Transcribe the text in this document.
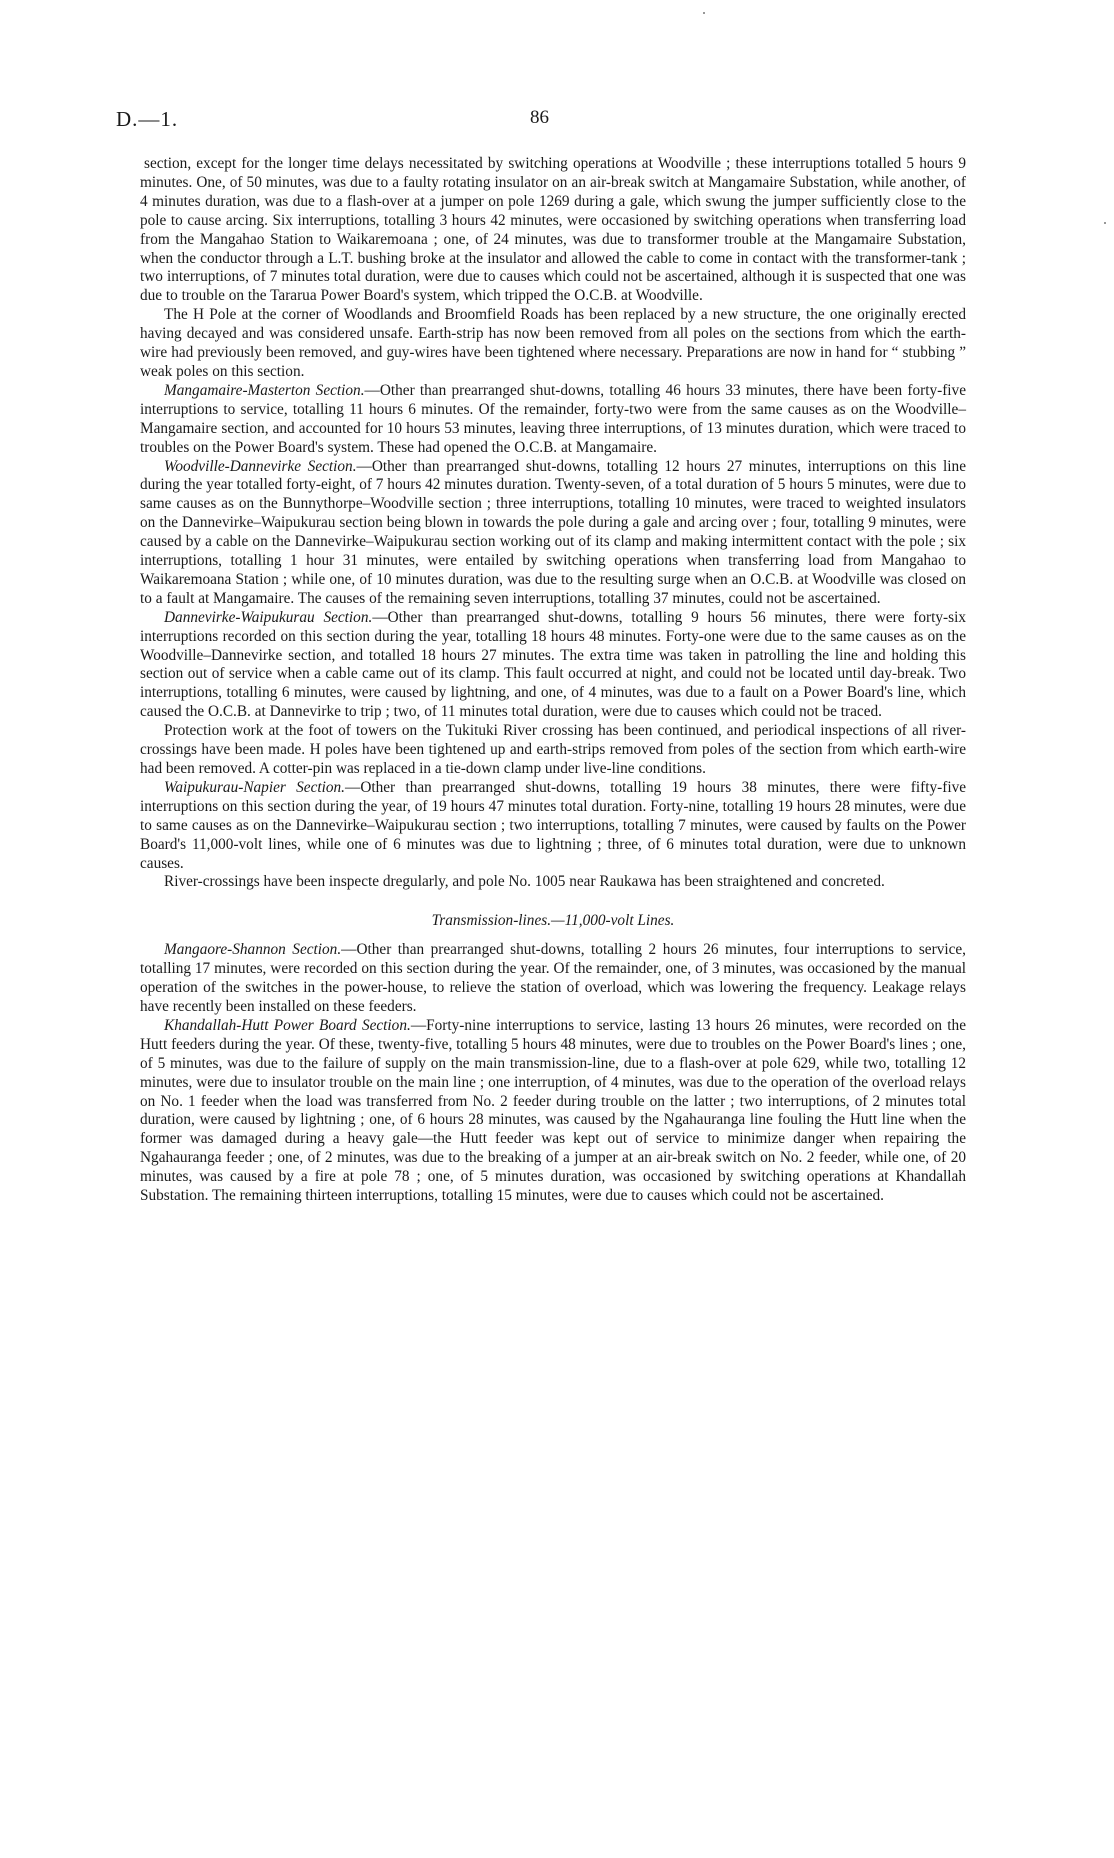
D.—1.	86

section, except for the longer time delays necessitated by switching operations at Woodville ; these interruptions totalled 5 hours 9 minutes. One, of 50 minutes, was due to a faulty rotating insulator on an air-break switch at Mangamaire Substation, while another, of 4 minutes duration, was due to a flash-over at a jumper on pole 1269 during a gale, which swung the jumper sufficiently close to the pole to cause arcing. Six interruptions, totalling 3 hours 42 minutes, were occasioned by switching operations when transferring load from the Mangahao Station to Waikaremoana ; one, of 24 minutes, was due to transformer trouble at the Mangamaire Substation, when the conductor through a L.T. bushing broke at the insulator and allowed the cable to come in contact with the transformer-tank ; two interruptions, of 7 minutes total duration, were due to causes which could not be ascertained, although it is suspected that one was due to trouble on the Tararua Power Board's system, which tripped the O.C.B. at Woodville.

The H Pole at the corner of Woodlands and Broomfield Roads has been replaced by a new structure, the one originally erected having decayed and was considered unsafe. Earth-strip has now been removed from all poles on the sections from which the earth-wire had previously been removed, and guy-wires have been tightened where necessary. Preparations are now in hand for “ stubbing ” weak poles on this section.

Mangamaire-Masterton Section.—Other than prearranged shut-downs, totalling 46 hours 33 minutes, there have been forty-five interruptions to service, totalling 11 hours 6 minutes. Of the remainder, forty-two were from the same causes as on the Woodville–Mangamaire section, and accounted for 10 hours 53 minutes, leaving three interruptions, of 13 minutes duration, which were traced to troubles on the Power Board's system. These had opened the O.C.B. at Mangamaire.

Woodville-Dannevirke Section.—Other than prearranged shut-downs, totalling 12 hours 27 minutes, interruptions on this line during the year totalled forty-eight, of 7 hours 42 minutes duration. Twenty-seven, of a total duration of 5 hours 5 minutes, were due to same causes as on the Bunnythorpe–Woodville section ; three interruptions, totalling 10 minutes, were traced to weighted insulators on the Dannevirke–Waipukurau section being blown in towards the pole during a gale and arcing over ; four, totalling 9 minutes, were caused by a cable on the Dannevirke–Waipukurau section working out of its clamp and making intermittent contact with the pole ; six interruptions, totalling 1 hour 31 minutes, were entailed by switching operations when transferring load from Mangahao to Waikaremoana Station ; while one, of 10 minutes duration, was due to the resulting surge when an O.C.B. at Woodville was closed on to a fault at Mangamaire. The causes of the remaining seven interruptions, totalling 37 minutes, could not be ascertained.

Dannevirke-Waipukurau Section.—Other than prearranged shut-downs, totalling 9 hours 56 minutes, there were forty-six interruptions recorded on this section during the year, totalling 18 hours 48 minutes. Forty-one were due to the same causes as on the Woodville–Dannevirke section, and totalled 18 hours 27 minutes. The extra time was taken in patrolling the line and holding this section out of service when a cable came out of its clamp. This fault occurred at night, and could not be located until day-break. Two interruptions, totalling 6 minutes, were caused by lightning, and one, of 4 minutes, was due to a fault on a Power Board's line, which caused the O.C.B. at Dannevirke to trip ; two, of 11 minutes total duration, were due to causes which could not be traced.

Protection work at the foot of towers on the Tukituki River crossing has been continued, and periodical inspections of all river-crossings have been made. H poles have been tightened up and earth-strips removed from poles of the section from which earth-wire had been removed. A cotter-pin was replaced in a tie-down clamp under live-line conditions.

Waipukurau-Napier Section.—Other than prearranged shut-downs, totalling 19 hours 38 minutes, there were fifty-five interruptions on this section during the year, of 19 hours 47 minutes total duration. Forty-nine, totalling 19 hours 28 minutes, were due to same causes as on the Dannevirke–Waipukurau section ; two interruptions, totalling 7 minutes, were caused by faults on the Power Board's 11,000-volt lines, while one of 6 minutes was due to lightning ; three, of 6 minutes total duration, were due to unknown causes.

River-crossings have been inspecte dregularly, and pole No. 1005 near Raukawa has been straightened and concreted.

Transmission-lines.—11,000-volt Lines.

Mangaore-Shannon Section.—Other than prearranged shut-downs, totalling 2 hours 26 minutes, four interruptions to service, totalling 17 minutes, were recorded on this section during the year. Of the remainder, one, of 3 minutes, was occasioned by the manual operation of the switches in the power-house, to relieve the station of overload, which was lowering the frequency. Leakage relays have recently been installed on these feeders.

Khandallah-Hutt Power Board Section.—Forty-nine interruptions to service, lasting 13 hours 26 minutes, were recorded on the Hutt feeders during the year. Of these, twenty-five, totalling 5 hours 48 minutes, were due to troubles on the Power Board's lines ; one, of 5 minutes, was due to the failure of supply on the main transmission-line, due to a flash-over at pole 629, while two, totalling 12 minutes, were due to insulator trouble on the main line ; one interruption, of 4 minutes, was due to the operation of the overload relays on No. 1 feeder when the load was transferred from No. 2 feeder during trouble on the latter ; two interruptions, of 2 minutes total duration, were caused by lightning ; one, of 6 hours 28 minutes, was caused by the Ngahauranga line fouling the Hutt line when the former was damaged during a heavy gale—the Hutt feeder was kept out of service to minimize danger when repairing the Ngahauranga feeder ; one, of 2 minutes, was due to the breaking of a jumper at an air-break switch on No. 2 feeder, while one, of 20 minutes, was caused by a fire at pole 78 ; one, of 5 minutes duration, was occasioned by switching operations at Khandallah Substation. The remaining thirteen interruptions, totalling 15 minutes, were due to causes which could not be ascertained.
